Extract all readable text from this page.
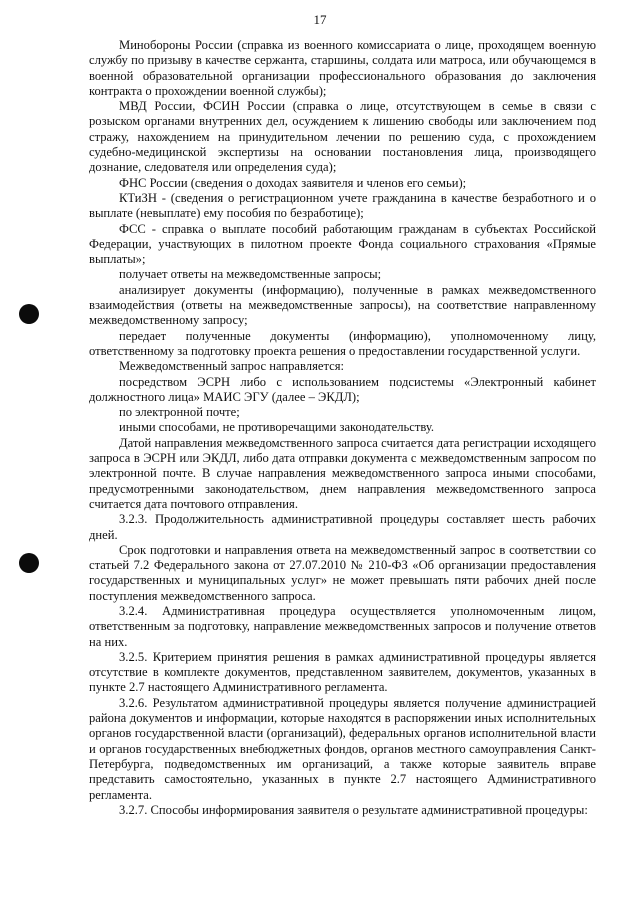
17

Минобороны России (справка из военного комиссариата о лице, проходящем военную службу по призыву в качестве сержанта, старшины, солдата или матроса, или обучающемся в военной образовательной организации профессионального образования до заключения контракта о прохождении военной службы);

МВД России, ФСИН России (справка о лице, отсутствующем в семье в связи с розыском органами внутренних дел, осуждением к лишению свободы или заключением под стражу, нахождением на принудительном лечении по решению суда, с прохождением судебно-медицинской экспертизы на основании постановления лица, производящего дознание, следователя или определения суда);

ФНС России (сведения о доходах заявителя и членов его семьи);

КТиЗН - (сведения о регистрационном учете гражданина в качестве безработного и о выплате (невыплате) ему пособия по безработице);

ФСС - справка о выплате пособий работающим гражданам в субъектах Российской Федерации, участвующих в пилотном проекте Фонда социального страхования «Прямые выплаты»;

получает ответы на межведомственные запросы;

анализирует документы (информацию), полученные в рамках межведомственного взаимодействия (ответы на межведомственные запросы), на соответствие направленному межведомственному запросу;

передает полученные документы (информацию), уполномоченному лицу, ответственному за подготовку проекта решения о предоставлении государственной услуги.

Межведомственный запрос направляется:

посредством ЭСРН либо с использованием подсистемы «Электронный кабинет должностного лица» МАИС ЭГУ (далее – ЭКДЛ);

по электронной почте;

иными способами, не противоречащими законодательству.

Датой направления межведомственного запроса считается дата регистрации исходящего запроса в ЭСРН или ЭКДЛ, либо дата отправки документа с межведомственным запросом по электронной почте. В случае направления межведомственного запроса иными способами, предусмотренными законодательством, днем направления межведомственного запроса считается дата почтового отправления.

3.2.3. Продолжительность административной процедуры составляет шесть рабочих дней.

Срок подготовки и направления ответа на межведомственный запрос в соответствии со статьей 7.2 Федерального закона от 27.07.2010 № 210-ФЗ «Об организации предоставления государственных и муниципальных услуг» не может превышать пяти рабочих дней после поступления межведомственного запроса.

3.2.4. Административная процедура осуществляется уполномоченным лицом, ответственным за подготовку, направление межведомственных запросов и получение ответов на них.

3.2.5. Критерием принятия решения в рамках административной процедуры является отсутствие в комплекте документов, представленном заявителем, документов, указанных в пункте 2.7 настоящего Административного регламента.

3.2.6. Результатом административной процедуры является получение администрацией района документов и информации, которые находятся в распоряжении иных исполнительных органов государственной власти (организаций), федеральных органов исполнительной власти и органов государственных внебюджетных фондов, органов местного самоуправления Санкт-Петербурга, подведомственных им организаций, а также которые заявитель вправе представить самостоятельно, указанных в пункте 2.7 настоящего Административного регламента.

3.2.7. Способы информирования заявителя о результате административной процедуры:
